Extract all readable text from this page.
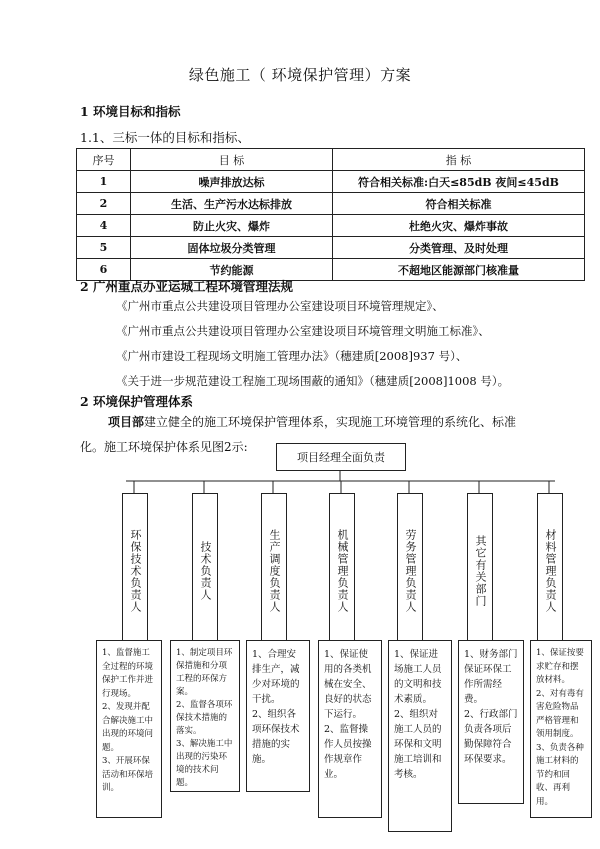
绿色施工（ 环境保护管理）方案
1 环境目标和指标
1.1、三标一体的目标和指标、
序号	目 标	指 标
1	噪声排放达标	符合相关标准:白天≤85dB 夜间≤45dB
2	生活、生产污水达标排放	符合相关标准
4	防止火灾、爆炸	杜绝火灾、爆炸事故
5	固体垃圾分类管理	分类管理、及时处理
6	节约能源	不超地区能源部门核准量
2 广州重点办亚运城工程环境管理法规
《广州市重点公共建设项目管理办公室建设项目环境管理规定》、
《广州市重点公共建设项目管理办公室建设项目环境管理文明施工标准》、
《广州市建设工程现场文明施工管理办法》（穗建质[2008]937 号）、
《关于进一步规范建设工程施工现场围蔽的通知》（穗建质[2008]1008 号）。
2 环境保护管理体系
项目部建立健全的施工环境保护管理体系，实现施工环境管理的系统化、标准
化。施工环境保护体系见图2示:
项目经理全面负责
环保技术负责人	技术负责人	生产调度负责人	机械管理负责人	劳务管理负责人	其它有关部门	材料管理负责人
1、监督施工全过程的环境保护工作并进行现场。
2、发现并配合解决施工中出现的环境问题。
3、开展环保活动和环保培训。
1、制定项目环保措施和分项工程的环保方案。
2、监督各项环保技术措施的落实。
3、解决施工中出现的污染环境的技术问题。
1、合理安排生产，减少对环境的干扰。
2、组织各项环保技术措施的实施。
1、保证使用的各类机械在安全、良好的状态下运行。
2、监督操作人员按操作规章作业。
1、保证进场施工人员的文明和技术素质。
2、组织对施工人员的环保和文明施工培训和考核。
1、财务部门保证环保工作所需经费。
2、行政部门负责各项后勤保障符合环保要求。
1、保证按要求贮存和摆放材料。
2、对有毒有害危险物品严格管理和领用制度。
3、负责各种施工材料的节约和回收、再利用。
